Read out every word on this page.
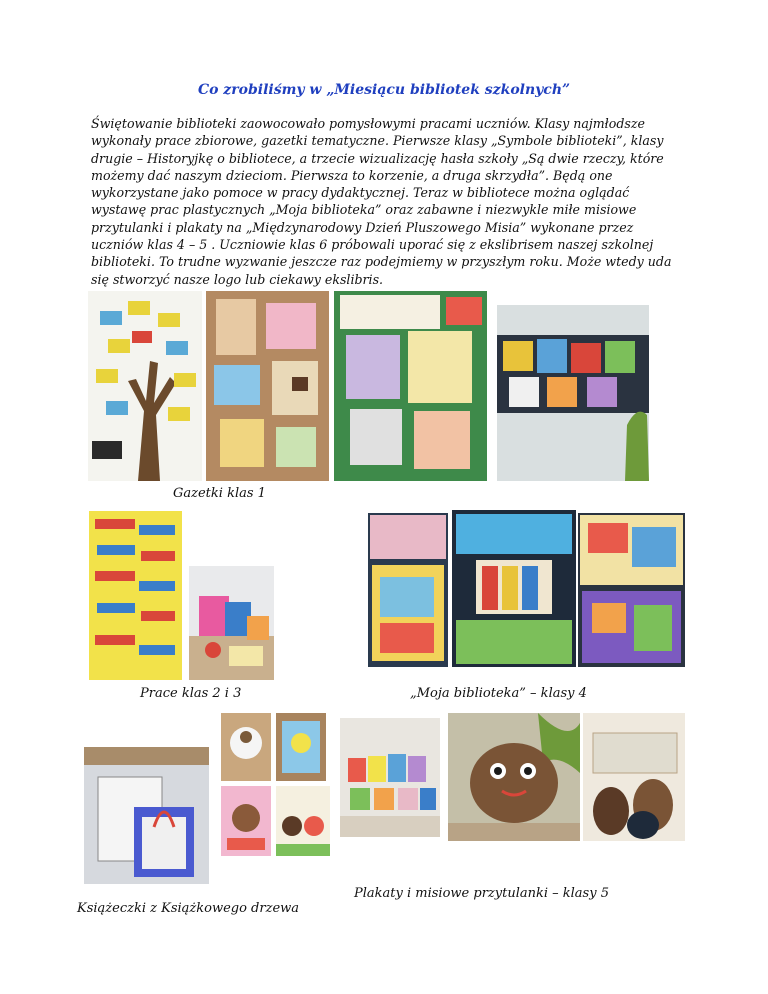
Co zrobiliśmy w „Miesiącu bibliotek szkolnych”
Świętowanie biblioteki zaowocowało pomysłowymi pracami uczniów. Klasy najmłodsze wykonały prace zbiorowe, gazetki tematyczne. Pierwsze klasy „Symbole biblioteki”, klasy drugie – Historyjkę o bibliotece, a trzecie wizualizację hasła szkoły „Są dwie rzeczy, które możemy dać naszym dzieciom. Pierwsza to korzenie, a druga skrzydła”. Będą one wykorzystane jako pomoce w pracy dydaktycznej. Teraz w bibliotece można oglądać wystawę prac plastycznych „Moja biblioteka” oraz zabawne i niezwykle miłe misiowe przytulanki i plakaty na „Międzynarodowy Dzień Pluszowego Misia” wykonane przez uczniów klas 4 – 5 . Uczniowie klas 6 próbowali uporać się z ekslibrisem naszej szkolnej biblioteki. To trudne wyzwanie jeszcze raz podejmiemy w przyszłym roku. Może wtedy uda się stworzyć nasze logo lub ciekawy ekslibris.
Gazetki klas 1
Prace klas 2 i 3	„Moja biblioteka” – klasy 4
Plakaty i misiowe przytulanki – klasy 5
Książeczki z Książkowego drzewa
